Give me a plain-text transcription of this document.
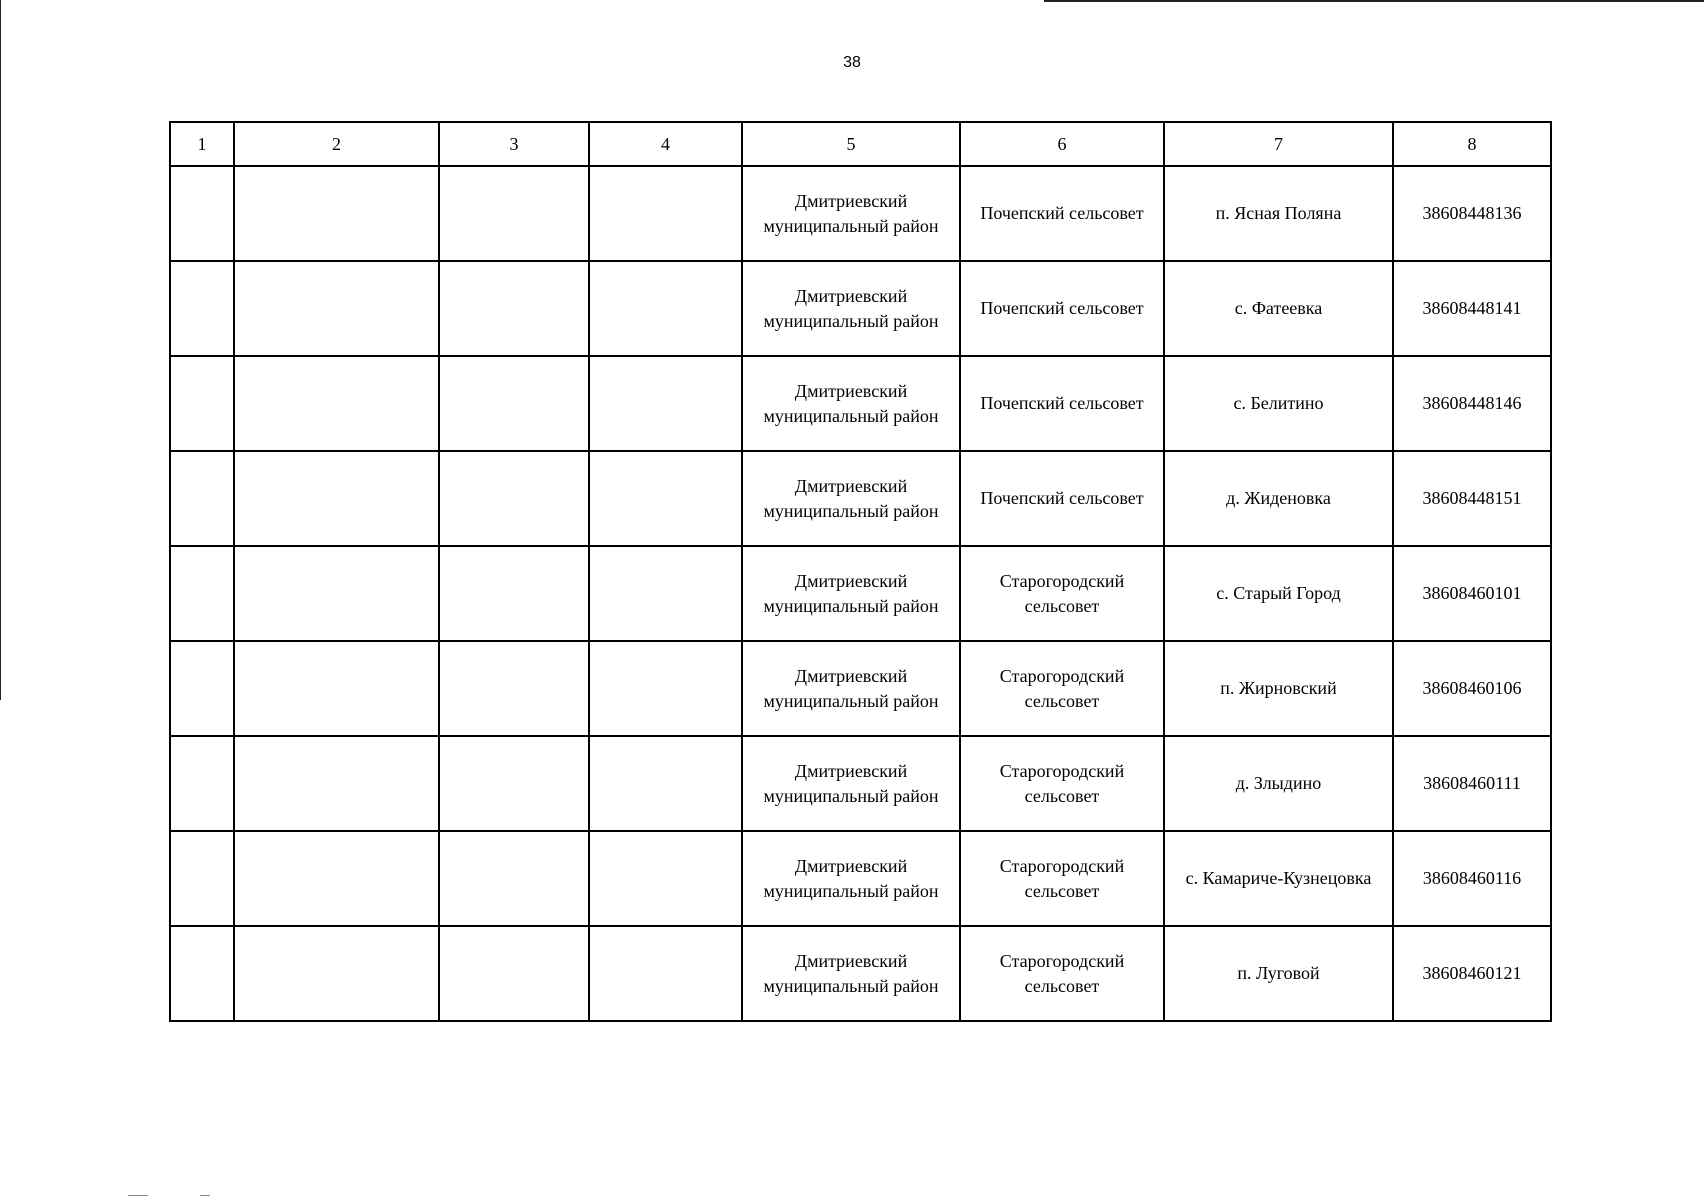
38
1	2	3	4	5	6	7	8
				Дмитриевский муниципальный район	Почепский сельсовет	п. Ясная Поляна	38608448136
				Дмитриевский муниципальный район	Почепский сельсовет	с. Фатеевка	38608448141
				Дмитриевский муниципальный район	Почепский сельсовет	с. Белитино	38608448146
				Дмитриевский муниципальный район	Почепский сельсовет	д. Жиденовка	38608448151
				Дмитриевский муниципальный район	Старогородский сельсовет	с. Старый Город	38608460101
				Дмитриевский муниципальный район	Старогородский сельсовет	п. Жирновский	38608460106
				Дмитриевский муниципальный район	Старогородский сельсовет	д. Злыдино	38608460111
				Дмитриевский муниципальный район	Старогородский сельсовет	с. Камариче-Кузнецовка	38608460116
				Дмитриевский муниципальный район	Старогородский сельсовет	п. Луговой	38608460121
